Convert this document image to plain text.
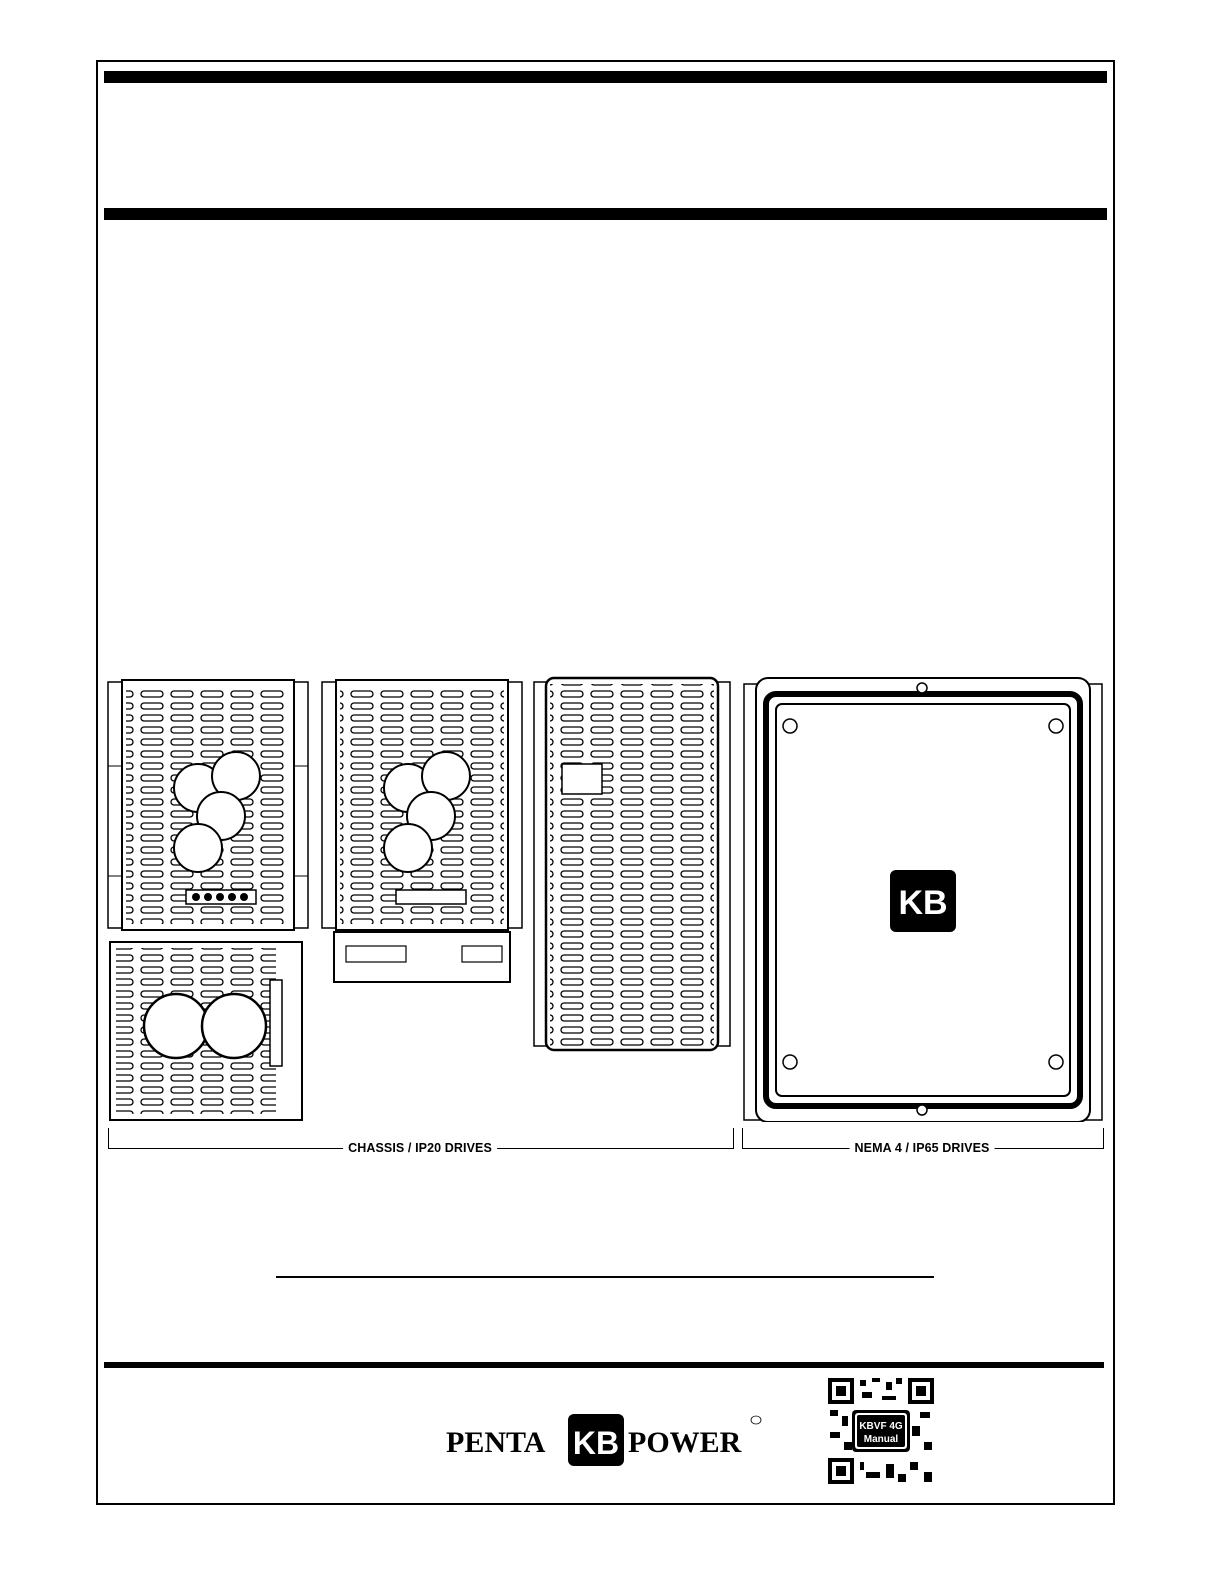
KB
CHASSIS / IP20 DRIVES	NEMA 4 / IP65 DRIVES
PENTA KB POWER	KBVF 4G
Manual
